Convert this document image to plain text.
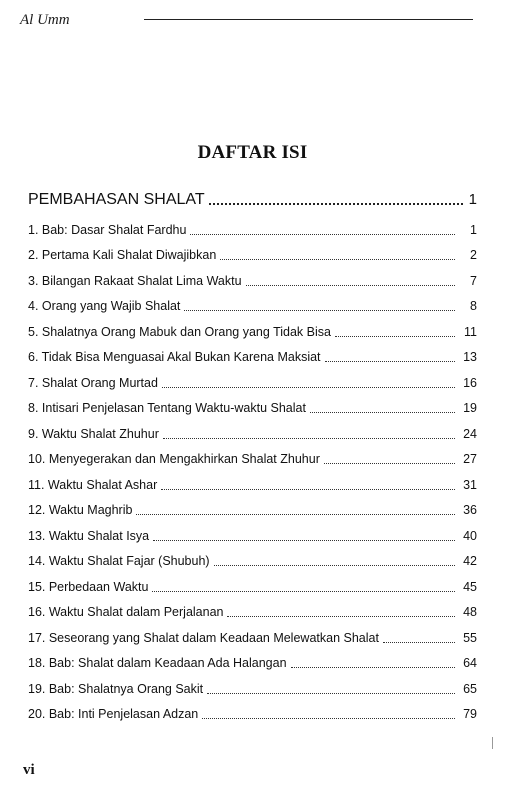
Al Umm
DAFTAR ISI
PEMBAHASAN SHALAT	1
1. Bab: Dasar Shalat Fardhu	1
2. Pertama Kali Shalat Diwajibkan	2
3. Bilangan Rakaat Shalat Lima Waktu	7
4. Orang yang Wajib Shalat	8
5. Shalatnya Orang Mabuk dan Orang yang Tidak Bisa	11
6. Tidak Bisa Menguasai Akal Bukan Karena Maksiat	13
7. Shalat Orang Murtad	16
8. Intisari Penjelasan Tentang Waktu-waktu Shalat	19
9. Waktu Shalat Zhuhur	24
10. Menyegerakan dan Mengakhirkan Shalat Zhuhur	27
11. Waktu Shalat Ashar	31
12. Waktu Maghrib	36
13. Waktu Shalat Isya	40
14. Waktu Shalat Fajar (Shubuh)	42
15. Perbedaan Waktu	45
16. Waktu Shalat dalam Perjalanan	48
17. Seseorang yang Shalat dalam Keadaan Melewatkan Shalat	55
18. Bab: Shalat dalam Keadaan Ada Halangan	64
19. Bab: Shalatnya Orang Sakit	65
20. Bab: Inti Penjelasan Adzan	79
vi
